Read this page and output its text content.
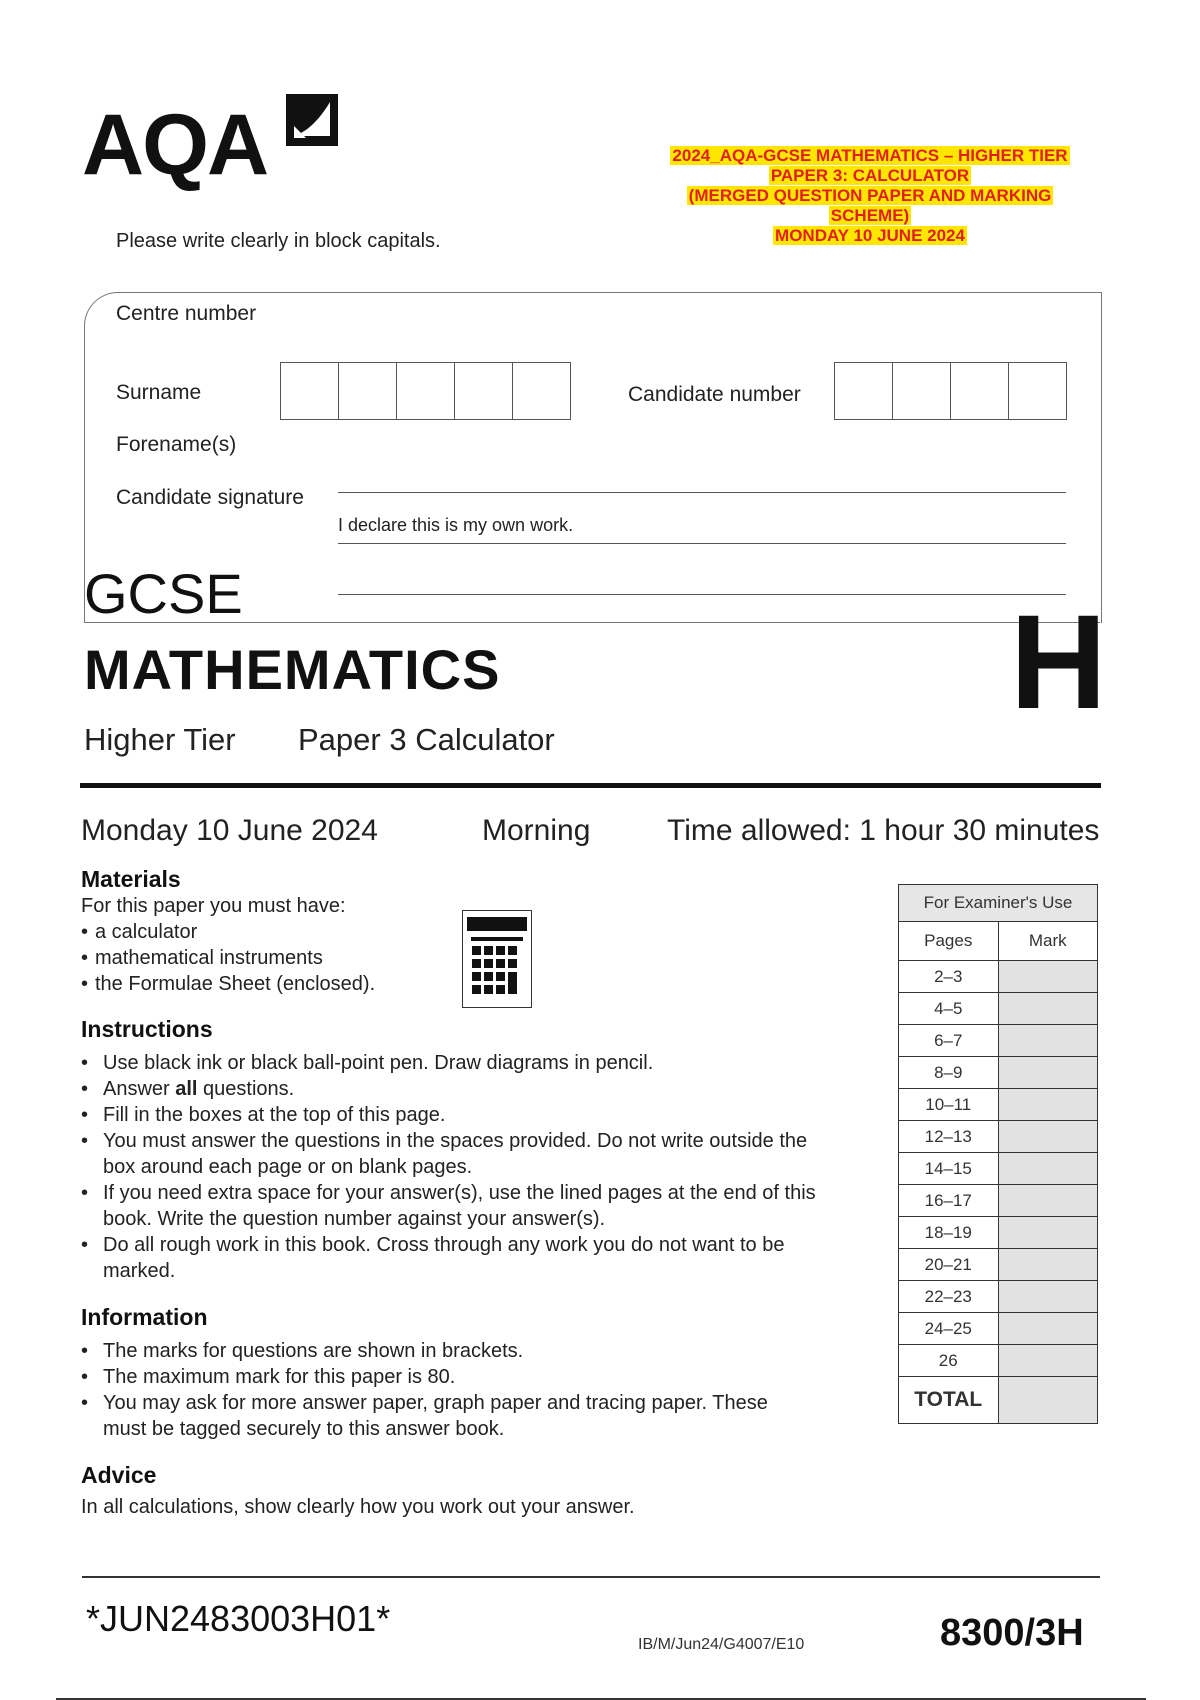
AQA	2024_AQA-GCSE MATHEMATICS – HIGHER TIER
PAPER 3: CALCULATOR
(MERGED QUESTION PAPER AND MARKING
SCHEME)
MONDAY 10 JUNE 2024
Please write clearly in block capitals.
Centre number
Surname	Candidate number
Forename(s)
Candidate signature
I declare this is my own work.
GCSE
MATHEMATICS	H
Higher Tier Paper 3 Calculator
Monday 10 June 2024	Morning	Time allowed: 1 hour 30 minutes
Materials
For this paper you must have:
• a calculator
• mathematical instruments
• the Formulae Sheet (enclosed).
Instructions
• Use black ink or black ball-point pen. Draw diagrams in pencil.
• Answer all questions.
• Fill in the boxes at the top of this page.
• You must answer the questions in the spaces provided. Do not write outside the box around each page or on blank pages.
• If you need extra space for your answer(s), use the lined pages at the end of this book. Write the question number against your answer(s).
• Do all rough work in this book. Cross through any work you do not want to be marked.
Information
• The marks for questions are shown in brackets.
• The maximum mark for this paper is 80.
• You may ask for more answer paper, graph paper and tracing paper. These must be tagged securely to this answer book.
Advice
In all calculations, show clearly how you work out your answer.
For Examiner's Use	
Pages	Mark
2–3	
4–5	
6–7	
8–9	
10–11	
12–13	
14–15	
16–17	
18–19	
20–21	
22–23	
24–25	
26	
TOTAL	
*JUN2483003H01*
IB/M/Jun24/G4007/E10	8300/3H
